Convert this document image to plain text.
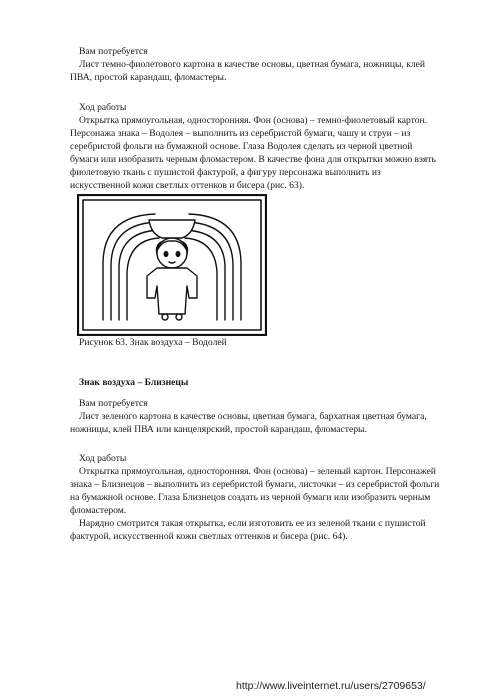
Вам потребуется

Лист темно-фиолетового картона в качестве основы, цветная бумага, ножницы, клей

ПВА, простой карандаш, фломастеры.

Ход работы

Открытка прямоугольная, односторонняя. Фон (основа) – темно-фиолетовый картон.

Персонажа знака – Водолея – выполнить из серебристой бумаги, чашу и струи – из

серебристой фольги на бумажной основе. Глаза Водолея сделать из черной цветной

бумаги или изобразить черным фломастером. В качестве фона для открытки можно взять

фиолетовую ткань с пушистой фактурой, а фигуру персонажа выполнить из

искусственной кожи светлых оттенков и бисера (рис. 63).

Рисунок 63. Знак воздуха – Водолей

Знак воздуха – Близнецы

Вам потребуется

Лист зеленого картона в качестве основы, цветная бумага, бархатная цветная бумага,

ножницы, клей ПВА или канцелярский, простой карандаш, фломастеры.

Ход работы

Открытка прямоугольная, односторонняя. Фон (основа) – зеленый картон. Персонажей

знака – Близнецов – выполнить из серебристой бумаги, листочки – из серебристой фольги

на бумажной основе. Глаза Близнецов создать из черной бумаги или изобразить черным

фломастером.

Нарядно смотрится такая открытка, если изготовить ее из зеленой ткани с пушистой

фактурой, искусственной кожи светлых оттенков и бисера (рис. 64).

http://www.liveinternet.ru/users/2709653/
